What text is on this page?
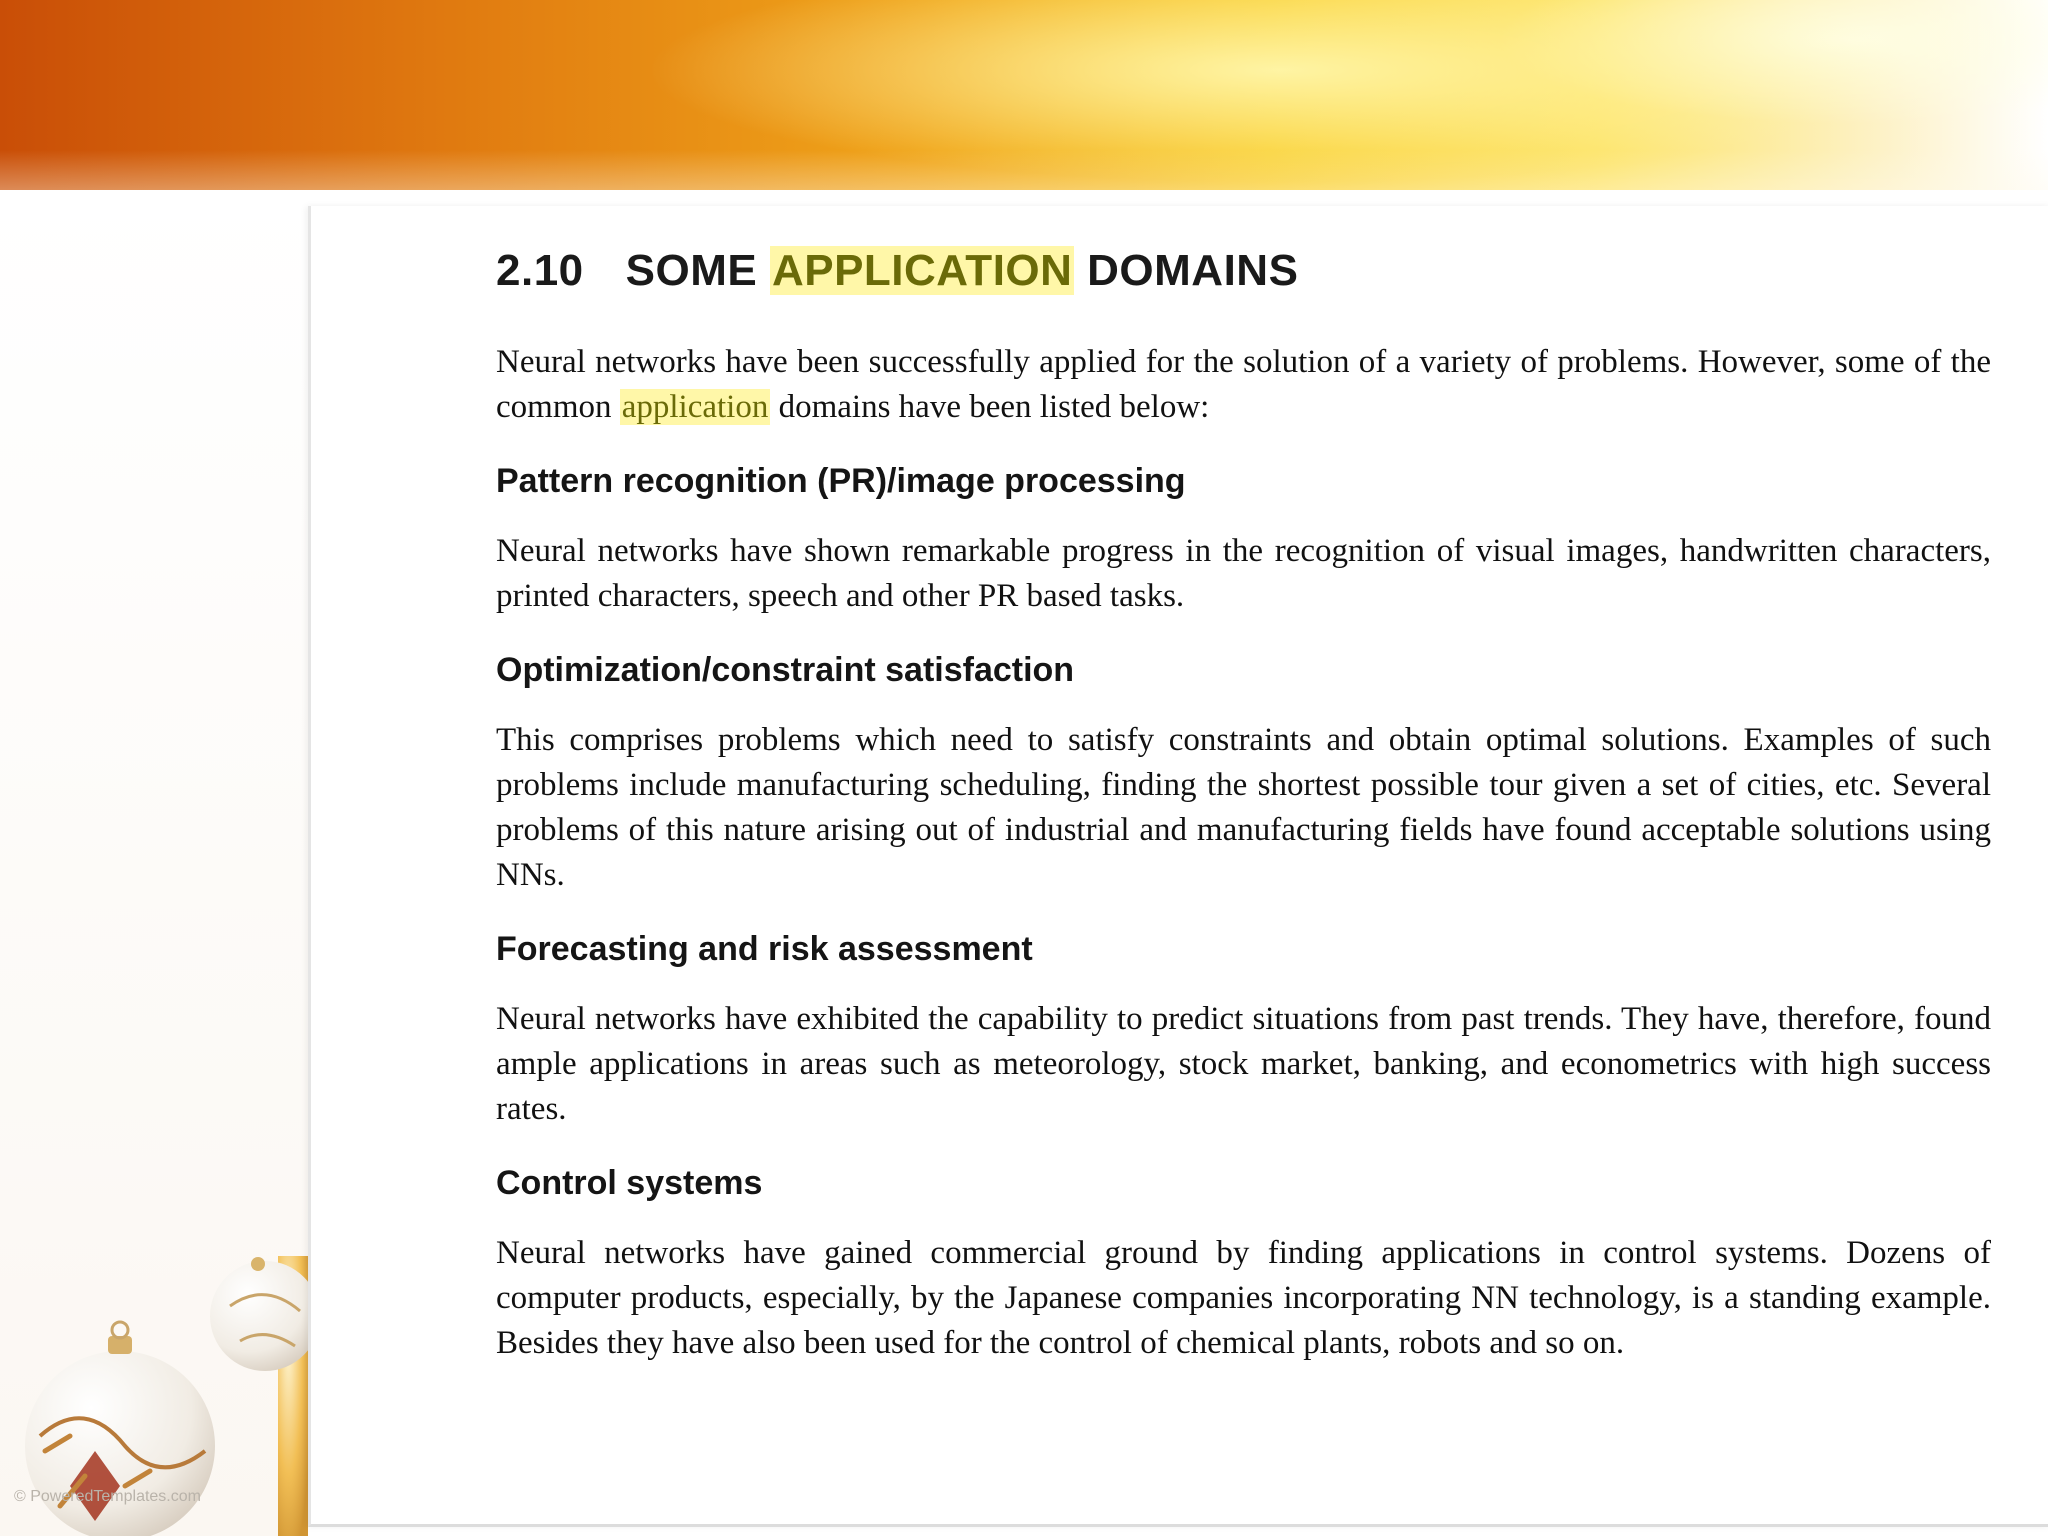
© PoweredTemplates.com
2.10 SOME APPLICATION DOMAINS

Neural networks have been successfully applied for the solution of a variety of problems. However, some of the common application domains have been listed below:

Pattern recognition (PR)/image processing

Neural networks have shown remarkable progress in the recognition of visual images, handwritten characters, printed characters, speech and other PR based tasks.

Optimization/constraint satisfaction

This comprises problems which need to satisfy constraints and obtain optimal solutions. Examples of such problems include manufacturing scheduling, finding the shortest possible tour given a set of cities, etc. Several problems of this nature arising out of industrial and manufacturing fields have found acceptable solutions using NNs.

Forecasting and risk assessment

Neural networks have exhibited the capability to predict situations from past trends. They have, therefore, found ample applications in areas such as meteorology, stock market, banking, and econometrics with high success rates.

Control systems

Neural networks have gained commercial ground by finding applications in control systems. Dozens of computer products, especially, by the Japanese companies incorporating NN technology, is a standing example. Besides they have also been used for the control of chemical plants, robots and so on.
